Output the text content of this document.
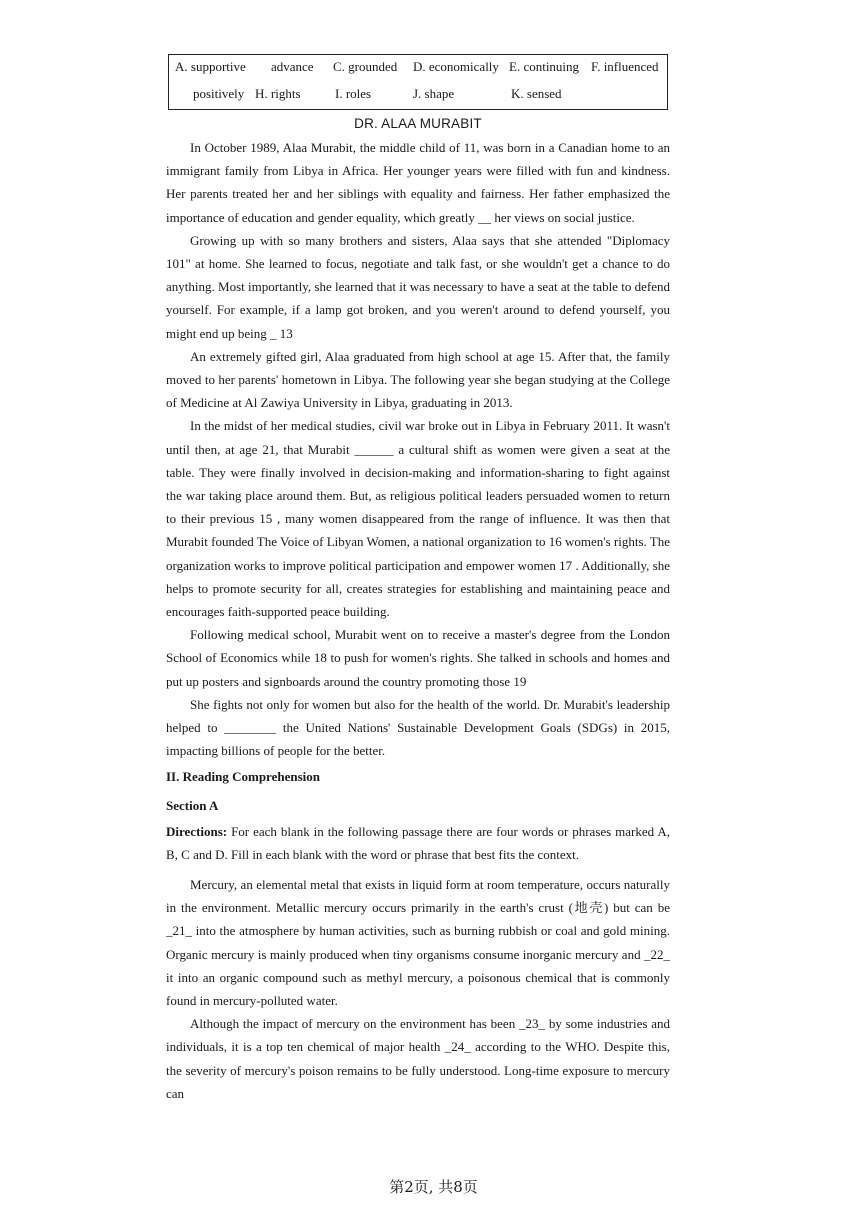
A. supportive advance C. grounded D. economically E. continuing F. influenced
positively H. rights	I. roles	J. shape	K. sensed
DR. ALAA MURABIT

In October 1989, Alaa Murabit, the middle child of 11, was born in a Canadian home to an immigrant family from Libya in Africa. Her younger years were filled with fun and kindness. Her parents treated her and her siblings with equality and fairness. Her father emphasized the importance of education and gender equality, which greatly __ her views on social justice.

Growing up with so many brothers and sisters, Alaa says that she attended "Diplomacy 101" at home. She learned to focus, negotiate and talk fast, or she wouldn't get a chance to do anything. Most importantly, she learned that it was necessary to have a seat at the table to defend yourself. For example, if a lamp got broken, and you weren't around to defend yourself, you might end up being _ 13

An extremely gifted girl, Alaa graduated from high school at age 15. After that, the family moved to her parents' hometown in Libya. The following year she began studying at the College of Medicine at Al Zawiya University in Libya, graduating in 2013.

In the midst of her medical studies, civil war broke out in Libya in February 2011. It wasn't until then, at age 21, that Murabit ______ a cultural shift as women were given a seat at the table. They were finally involved in decision-making and information-sharing to fight against the war taking place around them. But, as religious political leaders persuaded women to return to their previous 15 , many women disappeared from the range of influence. It was then that Murabit founded The Voice of Libyan Women, a national organization to 16 women's rights. The organization works to improve political participation and empower women 17 . Additionally, she helps to promote security for all, creates strategies for establishing and maintaining peace and encourages faith-supported peace building.

Following medical school, Murabit went on to receive a master's degree from the London School of Economics while 18 to push for women's rights. She talked in schools and homes and put up posters and signboards around the country promoting those 19

She fights not only for women but also for the health of the world. Dr. Murabit's leadership helped to ________ the United Nations' Sustainable Development Goals (SDGs) in 2015, impacting billions of people for the better.

II. Reading Comprehension
Section A
Directions: For each blank in the following passage there are four words or phrases marked A, B, C and D. Fill in each blank with the word or phrase that best fits the context.

Mercury, an elemental metal that exists in liquid form at room temperature, occurs naturally in the environment. Metallic mercury occurs primarily in the earth's crust (地壳) but can be _21_ into the atmosphere by human activities, such as burning rubbish or coal and gold mining. Organic mercury is mainly produced when tiny organisms consume inorganic mercury and _22_ it into an organic compound such as methyl mercury, a poisonous chemical that is commonly found in mercury-polluted water.

Although the impact of mercury on the environment has been _23_ by some industries and individuals, it is a top ten chemical of major health _24_ according to the WHO. Despite this, the severity of mercury's poison remains to be fully understood. Long-time exposure to mercury can

第2页, 共8页
